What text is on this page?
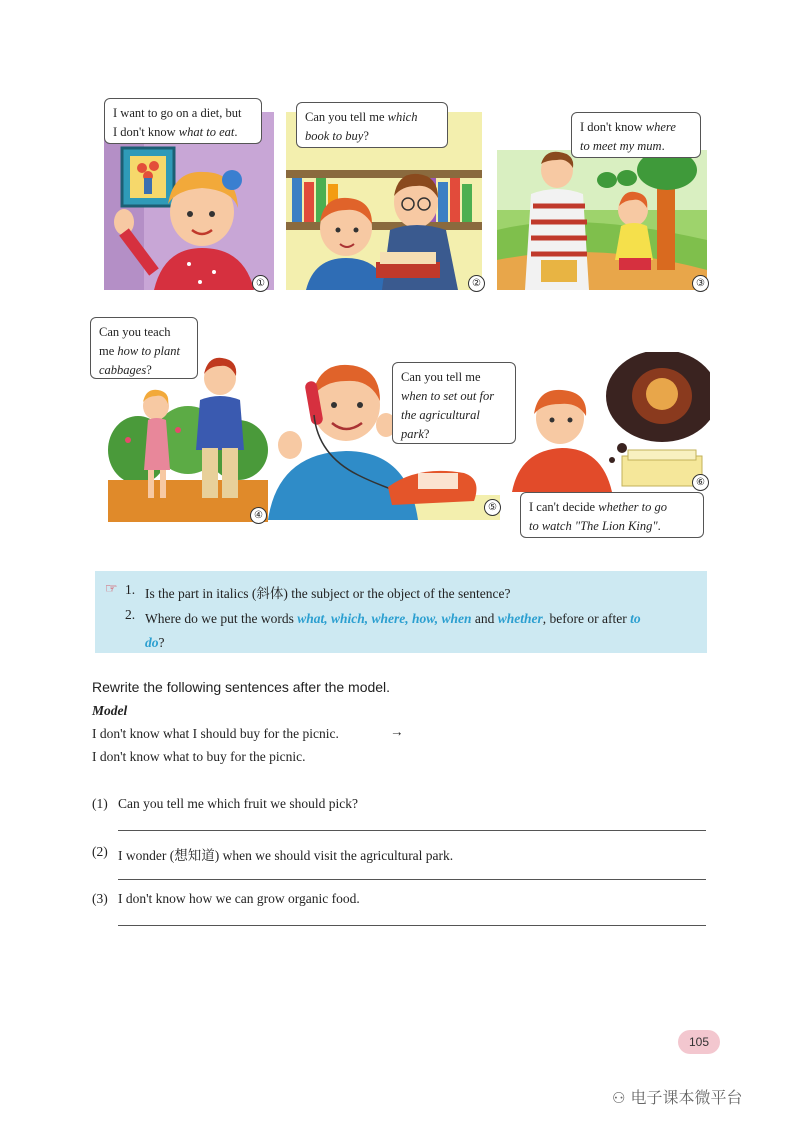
I want to go on a diet, but
I don't know what to eat.
①
Can you tell me which
book to buy?
②
I don't know where
to meet my mum.
③
Can you teach
me how to plant
cabbages?
④
Can you tell me
when to set out for
the agricultural
park?
⑤	I can't decide whether to go
to watch "The Lion King".
⑥
☞ 1. Is the part in italics (斜体) the subject or the object of the sentence?
2. Where do we put the words what, which, where, how, when and whether, before or after to
do?
Rewrite the following sentences after the model.
Model
I don't know what I should buy for the picnic.	→
I don't know what to buy for the picnic.
(1) Can you tell me which fruit we should pick?
(2) I wonder (想知道) when we should visit the agricultural park.
(3) I don't know how we can grow organic food.
105
⚇ 电子课本微平台
